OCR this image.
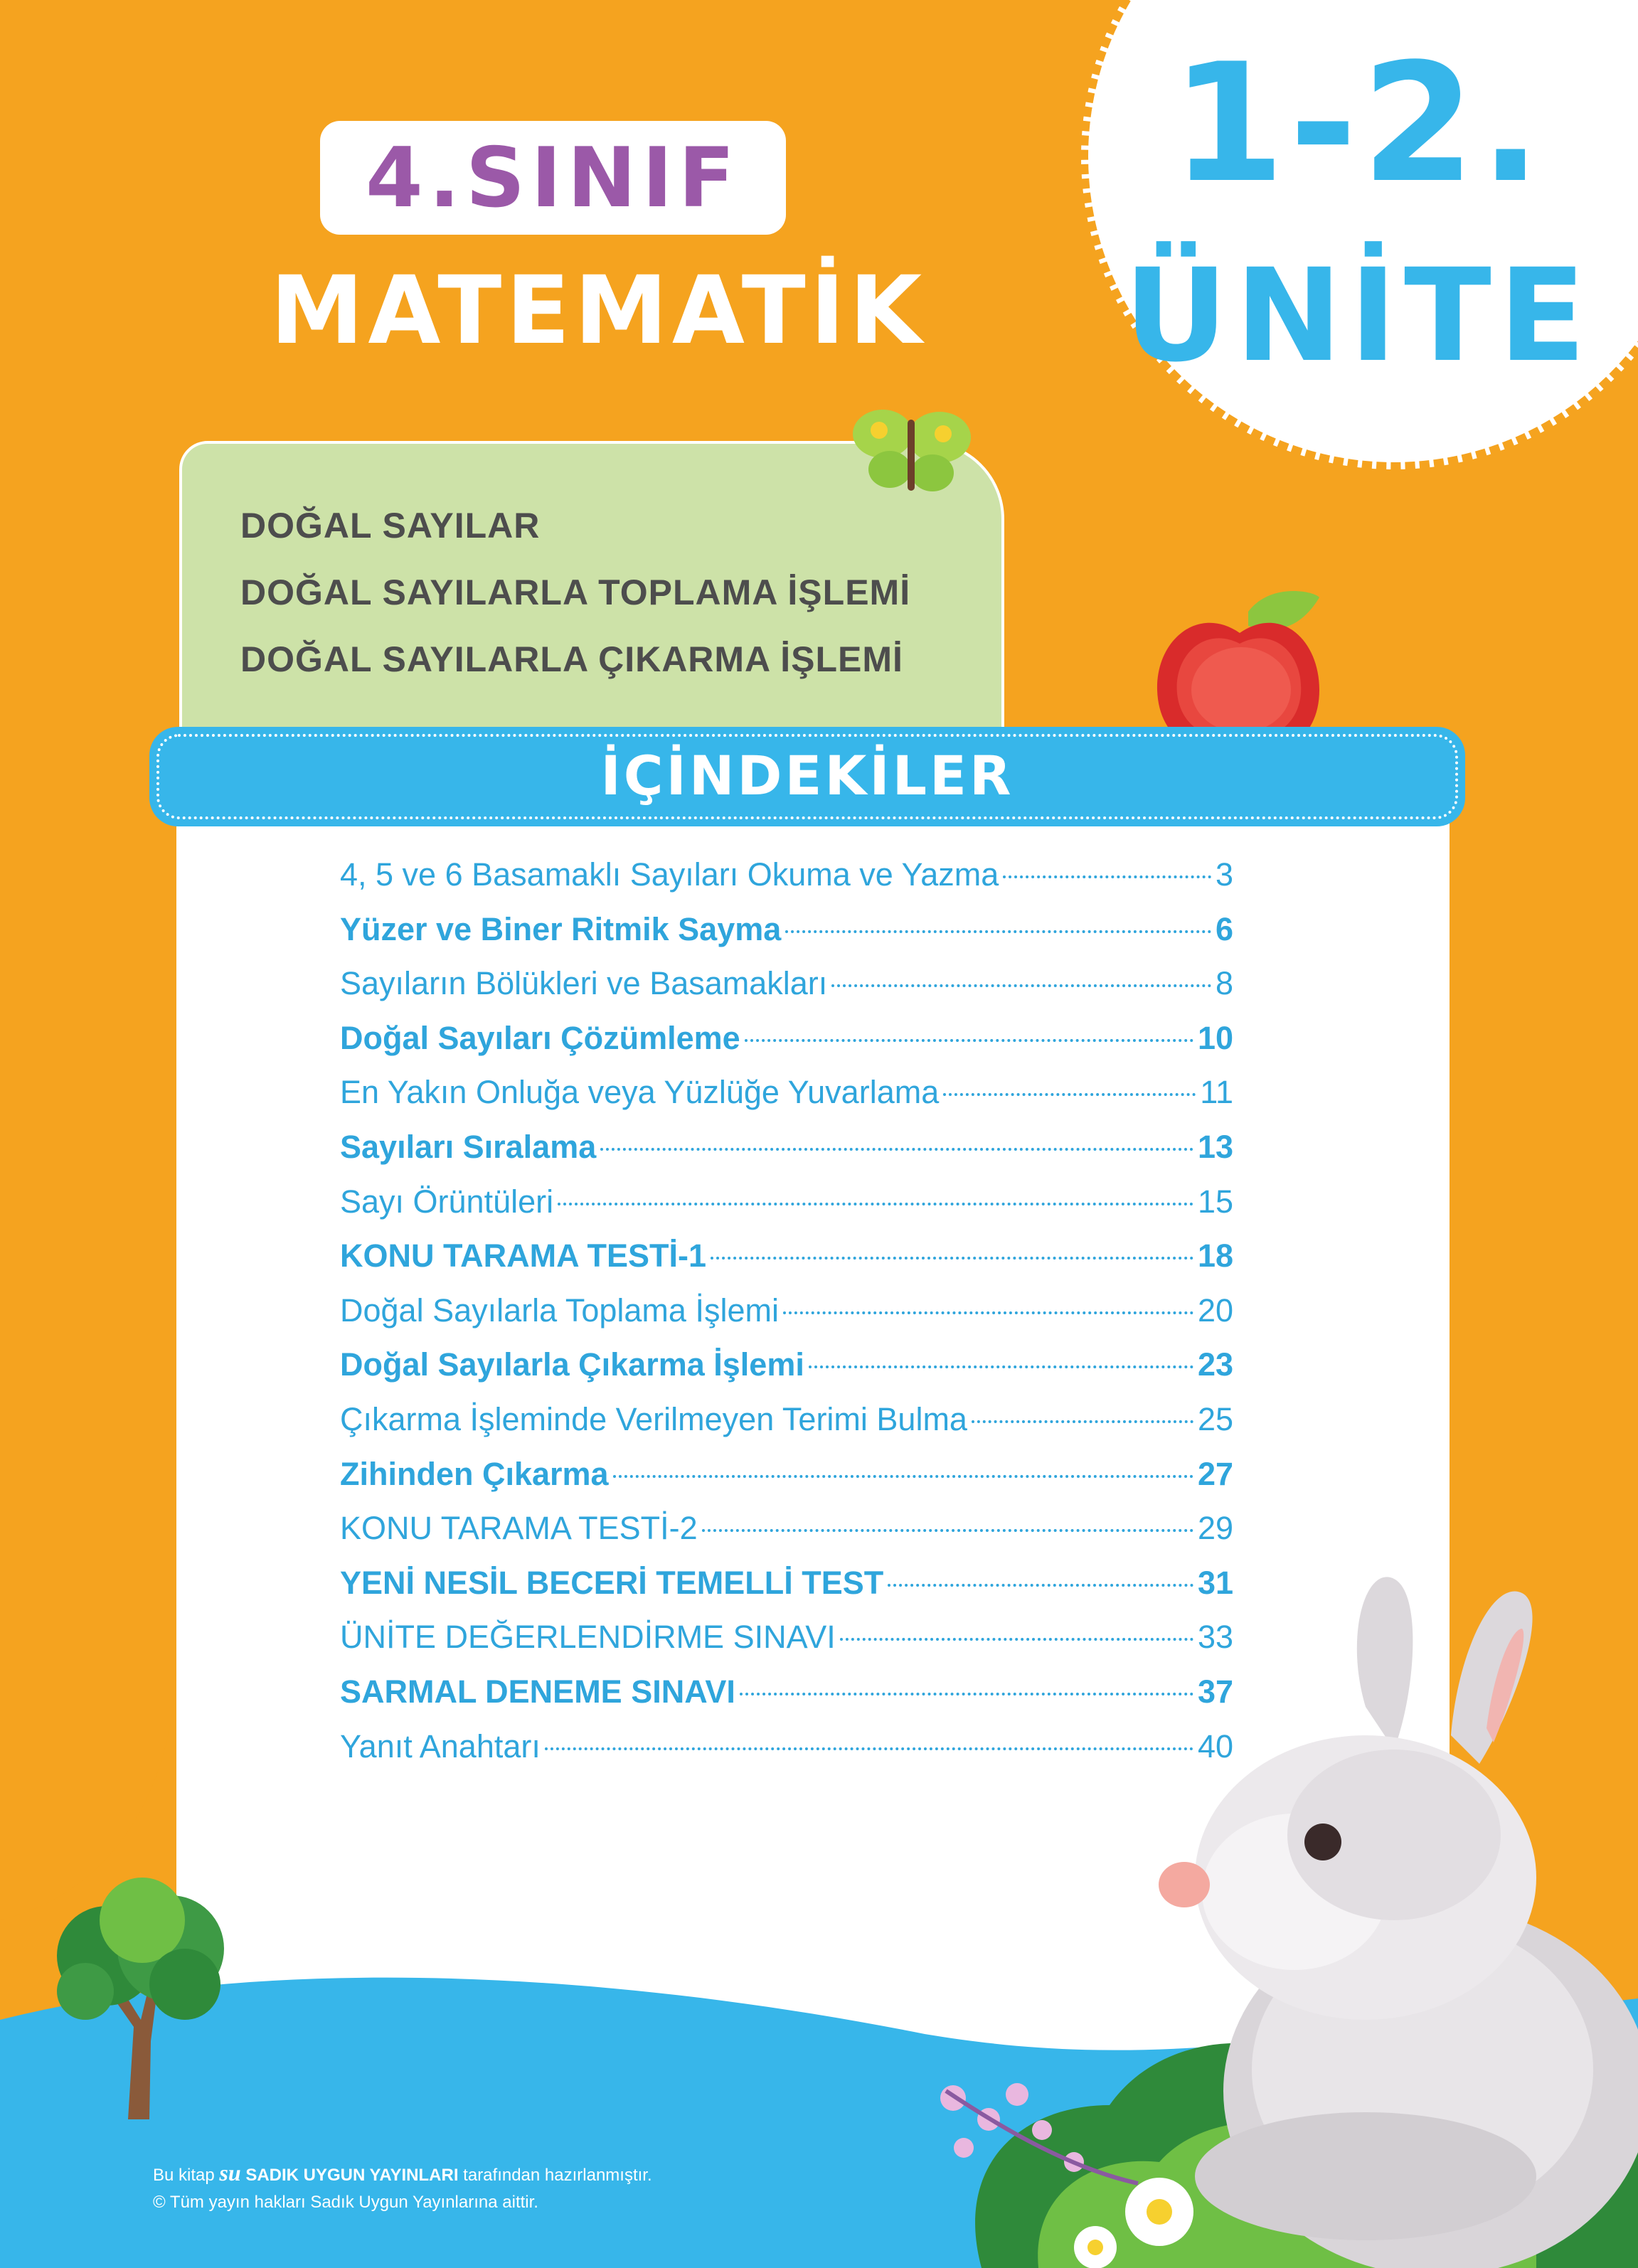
4.SINIF
MATEMATİK
1-2.
ÜNİTE
DOĞAL SAYILAR
DOĞAL SAYILARLA TOPLAMA İŞLEMİ
DOĞAL SAYILARLA ÇIKARMA İŞLEMİ
İÇİNDEKİLER
4, 5 ve 6 Basamaklı Sayıları Okuma ve Yazma	3
Yüzer ve Biner Ritmik Sayma	6
Sayıların Bölükleri ve Basamakları	8
Doğal Sayıları Çözümleme	10
En Yakın Onluğa veya Yüzlüğe Yuvarlama	11
Sayıları Sıralama	13
Sayı Örüntüleri	15
KONU TARAMA TESTİ-1	18
Doğal Sayılarla Toplama İşlemi	20
Doğal Sayılarla Çıkarma İşlemi	23
Çıkarma İşleminde Verilmeyen Terimi Bulma	25
Zihinden Çıkarma	27
KONU TARAMA TESTİ-2	29
YENİ NESİL BECERİ TEMELLİ TEST	31
ÜNİTE DEĞERLENDİRME SINAVI	33
SARMAL DENEME SINAVI	37
Yanıt Anahtarı	40
Bu kitap su SADIK UYGUN YAYINLARI tarafından hazırlanmıştır.
© Tüm yayın hakları Sadık Uygun Yayınlarına aittir.
